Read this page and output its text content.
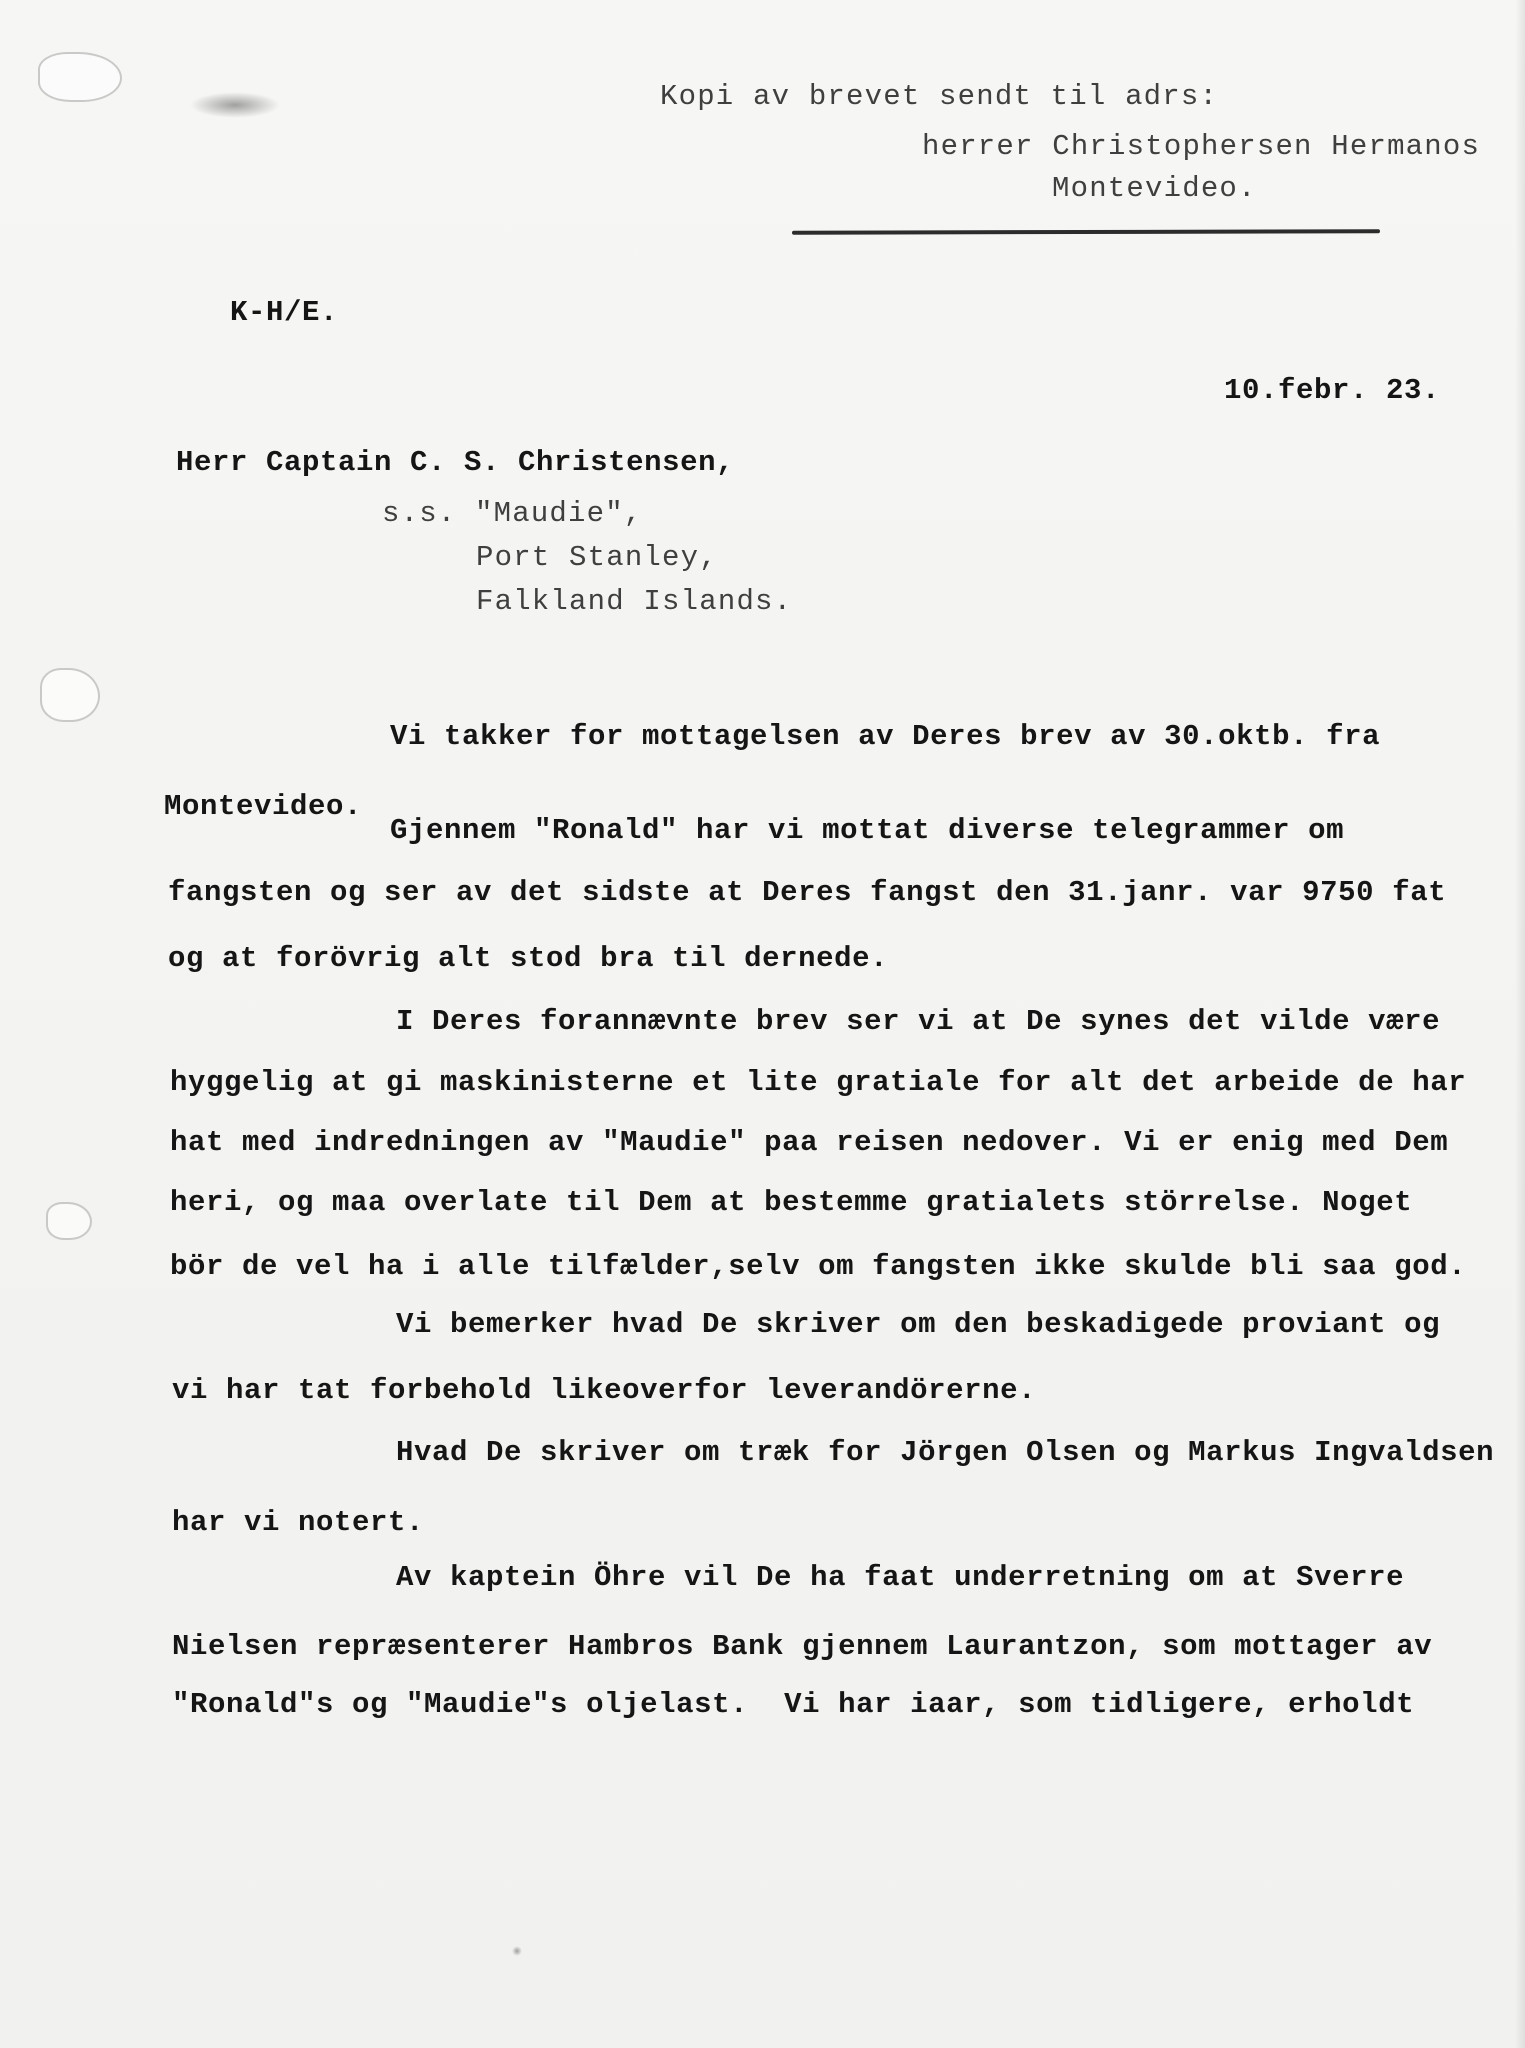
Kopi av brevet sendt til adrs:
herrer Christophersen Hermanos
Montevideo.
K-H/E.
10.febr. 23.
Herr Captain C. S. Christensen,
s.s. "Maudie",
Port Stanley,
Falkland Islands.
Vi takker for mottagelsen av Deres brev av 30.oktb. fra
Montevideo.
Gjennem "Ronald" har vi mottat diverse telegrammer om
fangsten og ser av det sidste at Deres fangst den 31.janr. var 9750 fat
og at forövrig alt stod bra til dernede.
I Deres forannævnte brev ser vi at De synes det vilde være
hyggelig at gi maskinisterne et lite gratiale for alt det arbeide de har
hat med indredningen av "Maudie" paa reisen nedover. Vi er enig med Dem
heri, og maa overlate til Dem at bestemme gratialets störrelse. Noget
bör de vel ha i alle tilfælder,selv om fangsten ikke skulde bli saa god.
Vi bemerker hvad De skriver om den beskadigede proviant og
vi har tat forbehold likeoverfor leverandörerne.
Hvad De skriver om træk for Jörgen Olsen og Markus Ingvaldsen
har vi notert.
Av kaptein Öhre vil De ha faat underretning om at Sverre
Nielsen repræsenterer Hambros Bank gjennem Laurantzon, som mottager av
"Ronald"s og "Maudie"s oljelast.  Vi har iaar, som tidligere, erholdt
